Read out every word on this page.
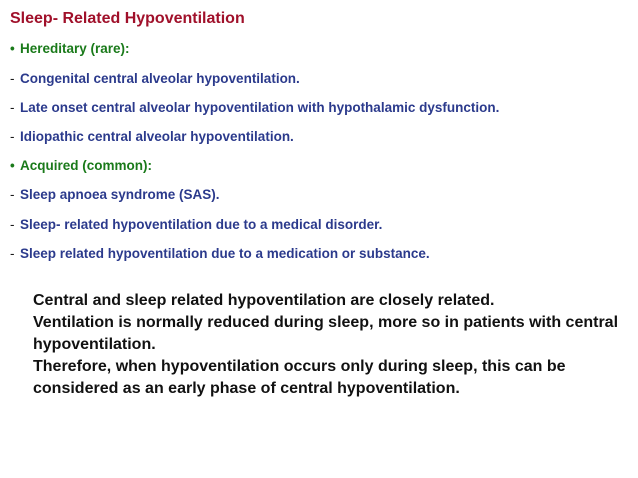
Sleep- Related Hypoventilation
• Hereditary (rare):
- Congenital central alveolar hypoventilation.
- Late onset central alveolar hypoventilation with hypothalamic dysfunction.
- Idiopathic central alveolar hypoventilation.
• Acquired (common):
- Sleep apnoea syndrome (SAS).
- Sleep- related hypoventilation due to a medical disorder.
- Sleep related hypoventilation due to a medication or substance.

Central and sleep related hypoventilation are closely related.

Ventilation is normally reduced during sleep, more so in patients with central hypoventilation.

Therefore, when hypoventilation occurs only during sleep, this can be considered as an early phase of central hypoventilation.
